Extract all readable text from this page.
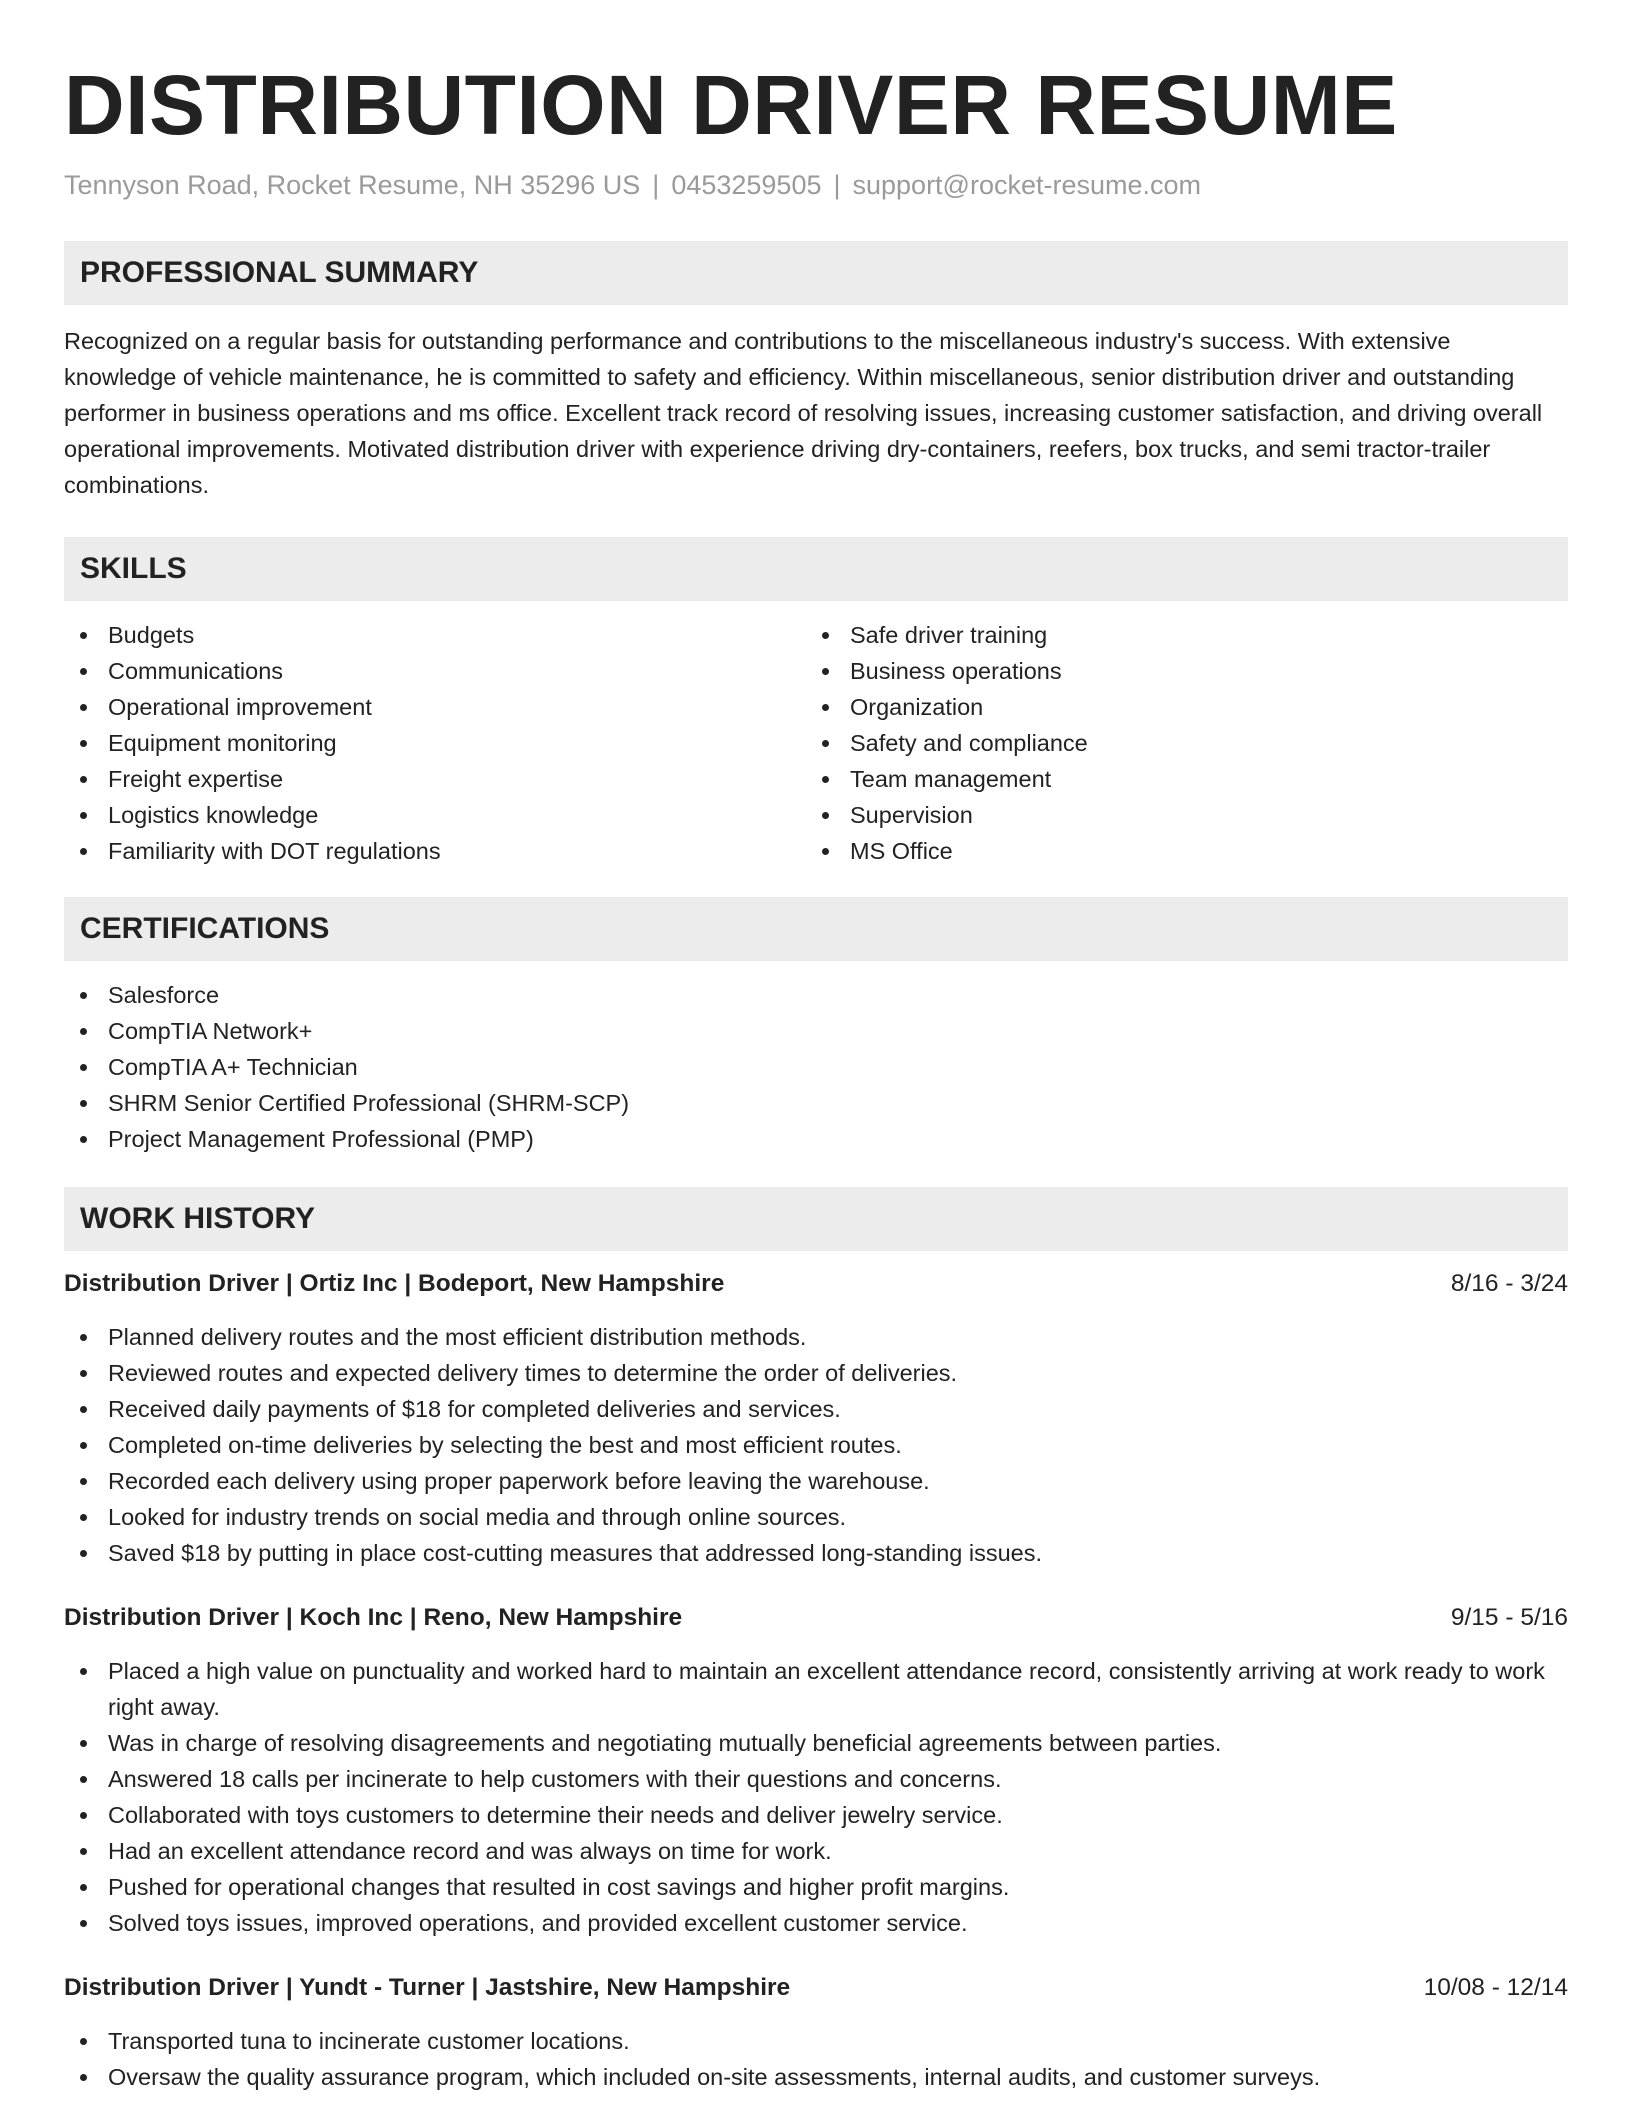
DISTRIBUTION DRIVER RESUME
Tennyson Road, Rocket Resume, NH 35296 US | 0453259505 | support@rocket-resume.com
PROFESSIONAL SUMMARY

Recognized on a regular basis for outstanding performance and contributions to the miscellaneous industry's success. With extensive knowledge of vehicle maintenance, he is committed to safety and efficiency. Within miscellaneous, senior distribution driver and outstanding performer in business operations and ms office. Excellent track record of resolving issues, increasing customer satisfaction, and driving overall operational improvements. Motivated distribution driver with experience driving dry-containers, reefers, box trucks, and semi tractor-trailer combinations.

SKILLS
Budgets
Communications
Operational improvement
Equipment monitoring
Freight expertise
Logistics knowledge
Familiarity with DOT regulations
Safe driver training
Business operations
Organization
Safety and compliance
Team management
Supervision
MS Office
CERTIFICATIONS
Salesforce
CompTIA Network+
CompTIA A+ Technician
SHRM Senior Certified Professional (SHRM-SCP)
Project Management Professional (PMP)
WORK HISTORY
Distribution Driver | Ortiz Inc | Bodeport, New Hampshire	8/16 - 3/24
Planned delivery routes and the most efficient distribution methods.
Reviewed routes and expected delivery times to determine the order of deliveries.
Received daily payments of $18 for completed deliveries and services.
Completed on-time deliveries by selecting the best and most efficient routes.
Recorded each delivery using proper paperwork before leaving the warehouse.
Looked for industry trends on social media and through online sources.
Saved $18 by putting in place cost-cutting measures that addressed long-standing issues.
Distribution Driver | Koch Inc | Reno, New Hampshire	9/15 - 5/16
Placed a high value on punctuality and worked hard to maintain an excellent attendance record, consistently arriving at work ready to work right away.
Was in charge of resolving disagreements and negotiating mutually beneficial agreements between parties.
Answered 18 calls per incinerate to help customers with their questions and concerns.
Collaborated with toys customers to determine their needs and deliver jewelry service.
Had an excellent attendance record and was always on time for work.
Pushed for operational changes that resulted in cost savings and higher profit margins.
Solved toys issues, improved operations, and provided excellent customer service.
Distribution Driver | Yundt - Turner | Jastshire, New Hampshire	10/08 - 12/14
Transported tuna to incinerate customer locations.
Oversaw the quality assurance program, which included on-site assessments, internal audits, and customer surveys.
